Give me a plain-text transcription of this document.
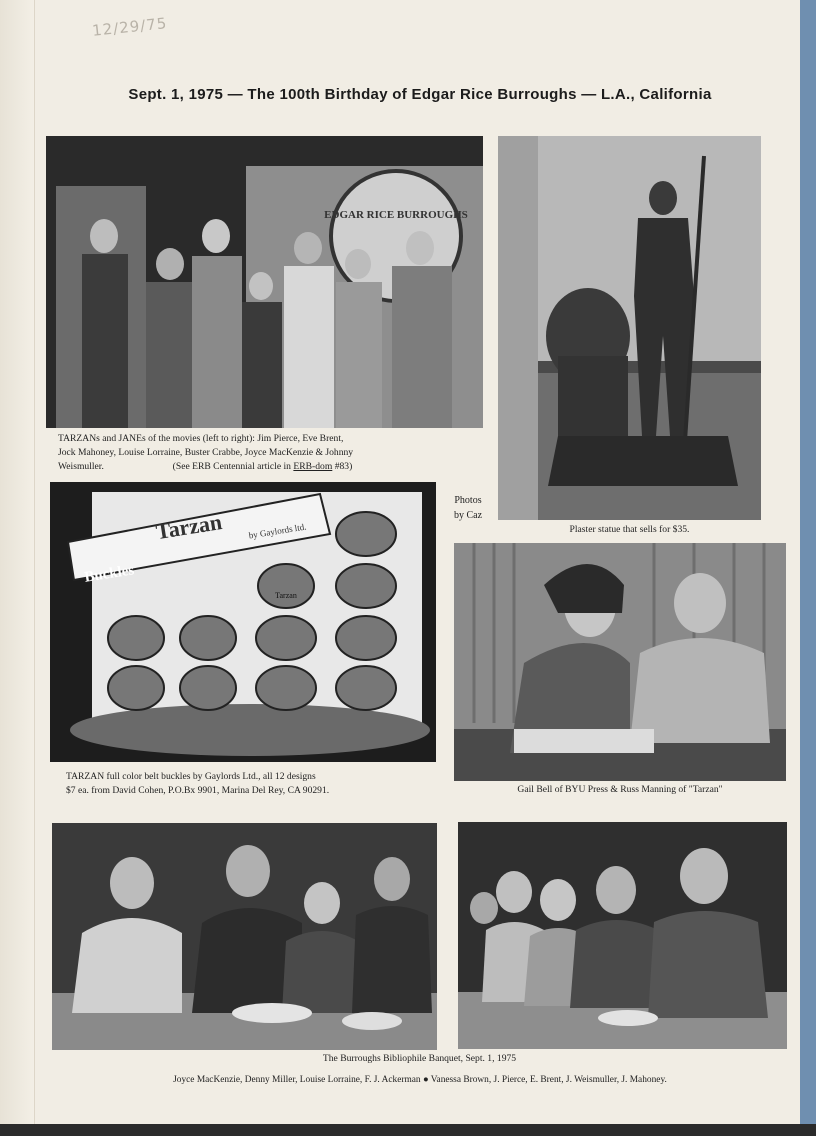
12/29/75
Sept. 1, 1975 — The 100th Birthday of Edgar Rice Burroughs — L.A., California
EDGAR RICE BURROUGHS
TARZANs and JANEs of the movies (left to right): Jim Pierce, Eve Brent,
Jock Mahoney, Louise Lorraine, Buster Crabbe, Joyce MacKenzie & Johnny
Weismuller.	(See ERB Centennial article in ERB-dom #83)
Plaster statue that sells for $35.
Photos
by Caz
Tarzan	by Gaylords ltd.
Buckles
Tarzan
TARZAN full color belt buckles by Gaylords Ltd., all 12 designs
$7 ea. from David Cohen, P.O.Bx 9901, Marina Del Rey, CA 90291.	Gail Bell of BYU Press & Russ Manning of "Tarzan"
The Burroughs Bibliophile Banquet, Sept. 1, 1975
Joyce MacKenzie, Denny Miller, Louise Lorraine, F. J. Ackerman ● Vanessa Brown, J. Pierce, E. Brent, J. Weismuller, J. Mahoney.
